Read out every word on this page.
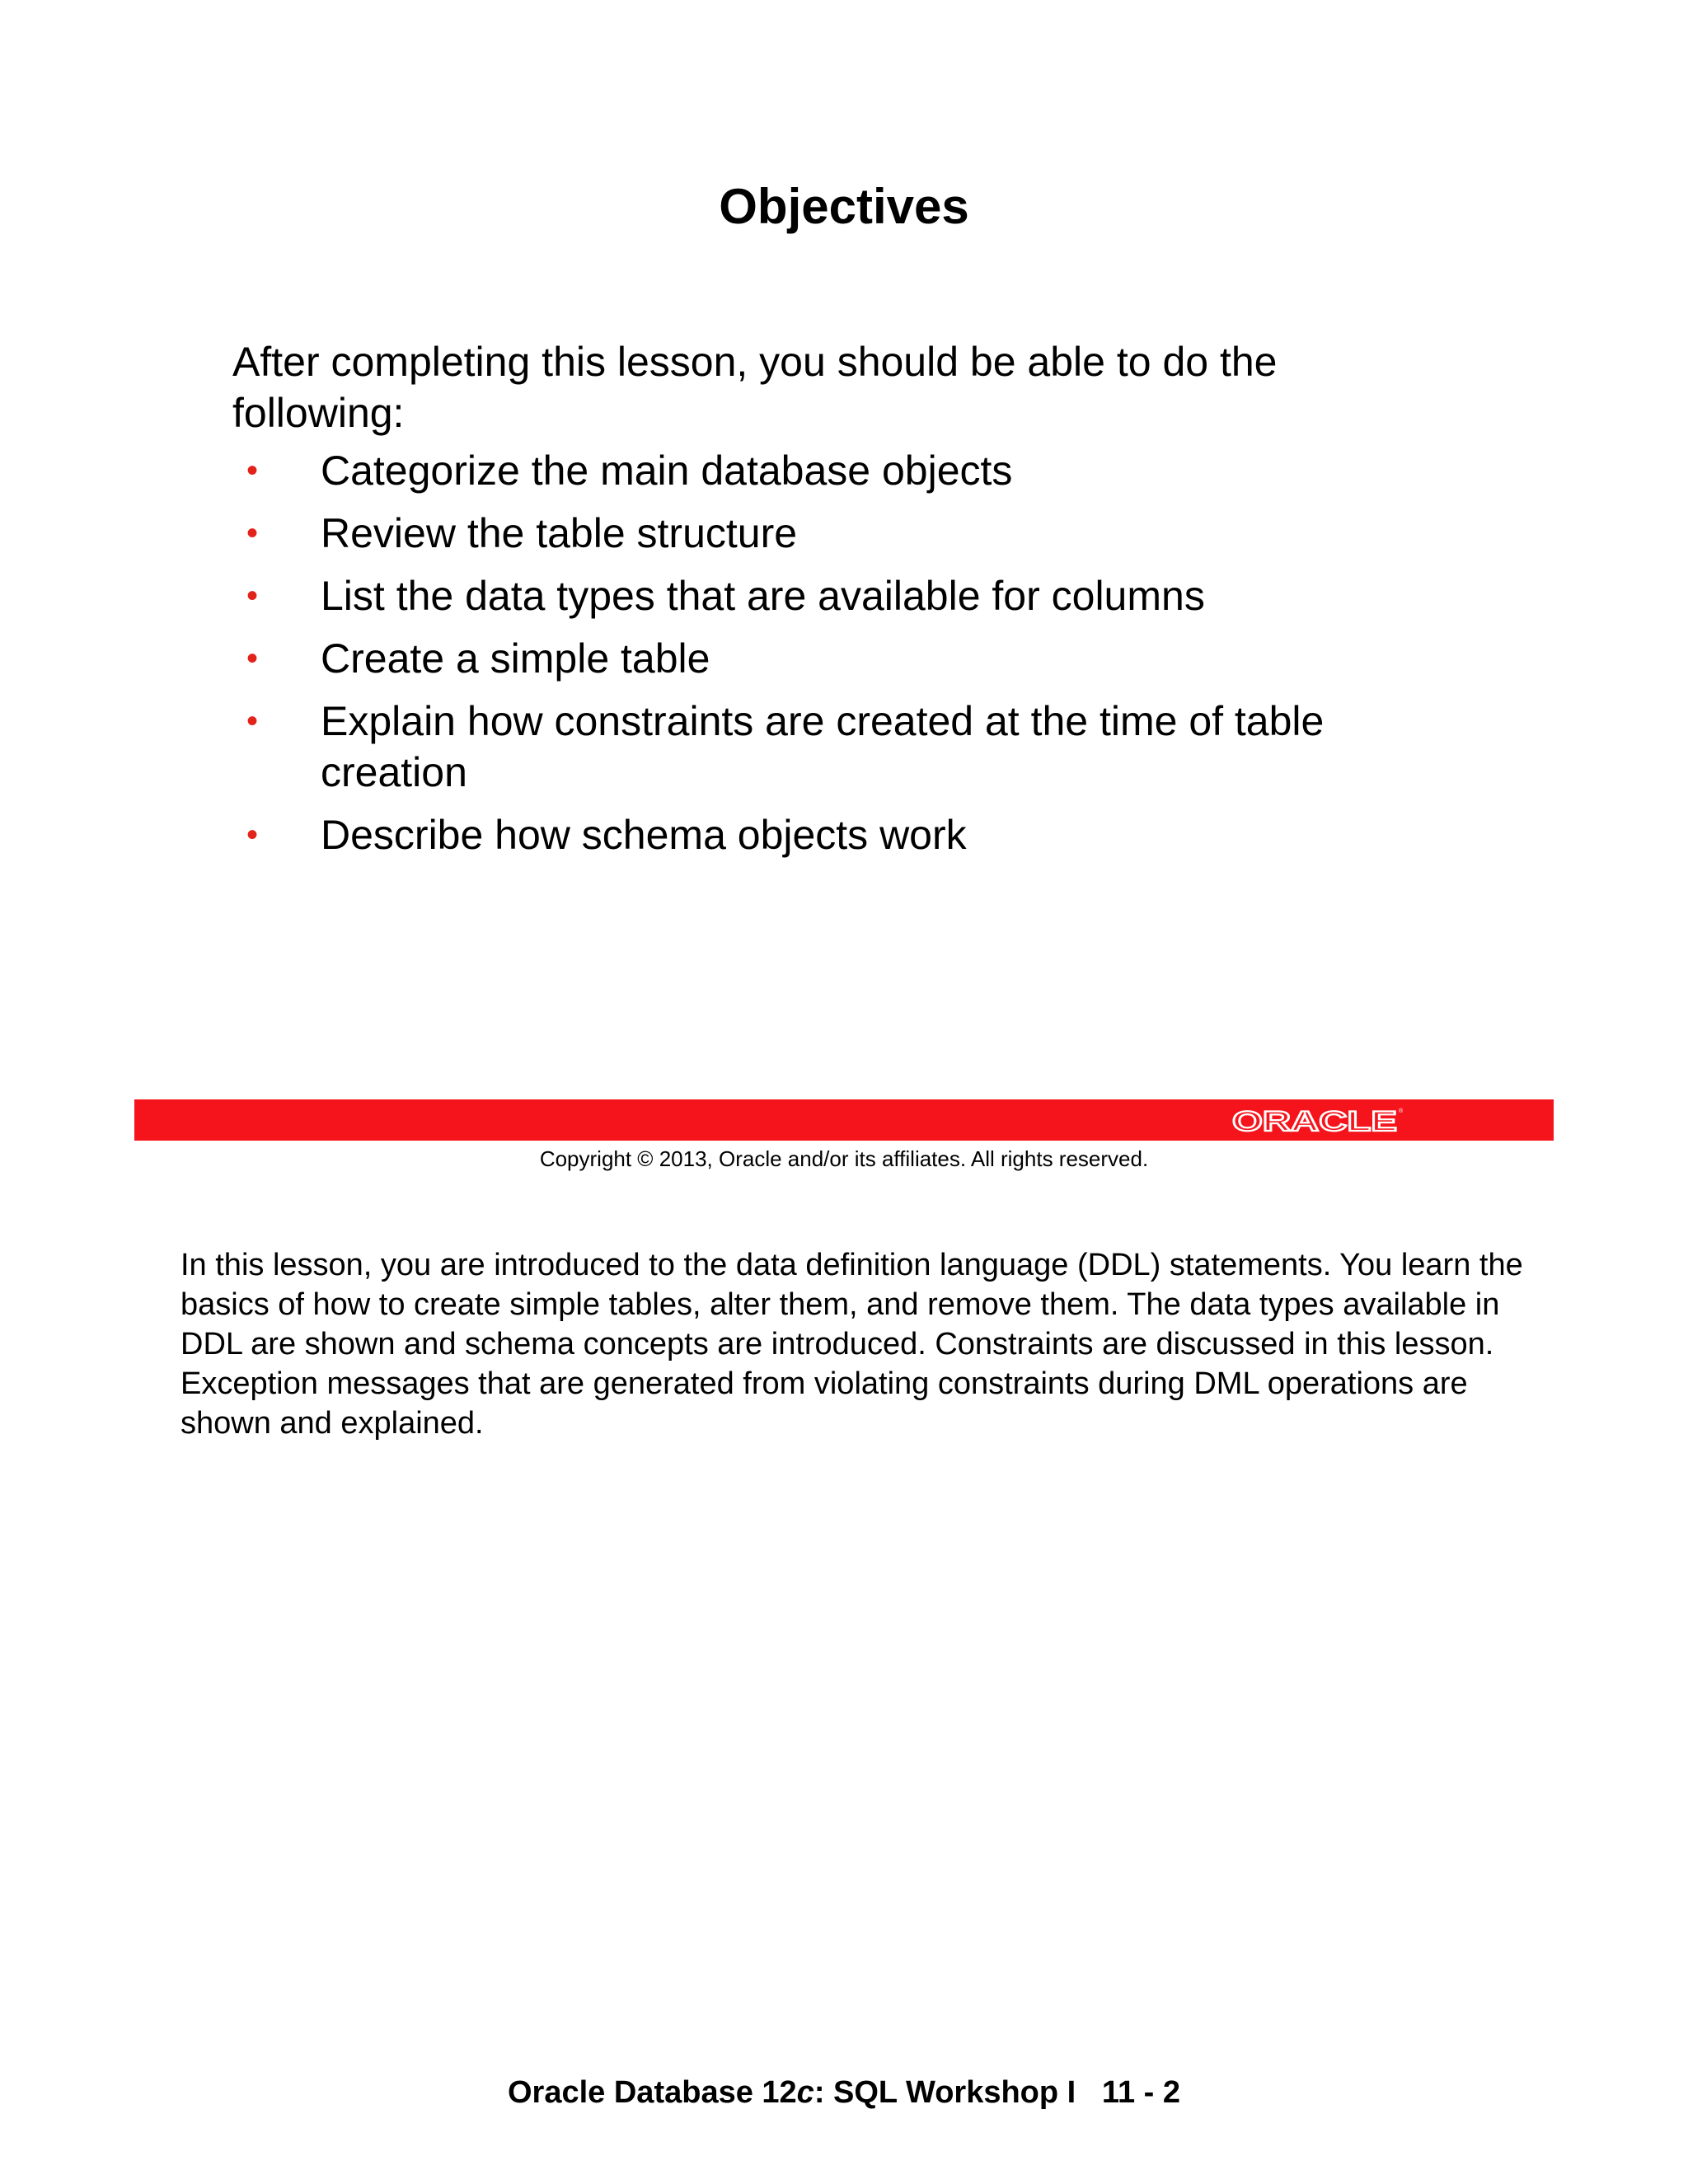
Objectives
After completing this lesson, you should be able to do the following:
• Categorize the main database objects
• Review the table structure
• List the data types that are available for columns
• Create a simple table
• Explain how constraints are created at the time of table creation
• Describe how schema objects work
ORACLE ®
Copyright © 2013, Oracle and/or its affiliates. All rights reserved.
In this lesson, you are introduced to the data definition language (DDL) statements. You learn the basics of how to create simple tables, alter them, and remove them. The data types available in DDL are shown and schema concepts are introduced. Constraints are discussed in this lesson. Exception messages that are generated from violating constraints during DML operations are shown and explained.
Oracle Database 12c: SQL Workshop I 11 - 2
